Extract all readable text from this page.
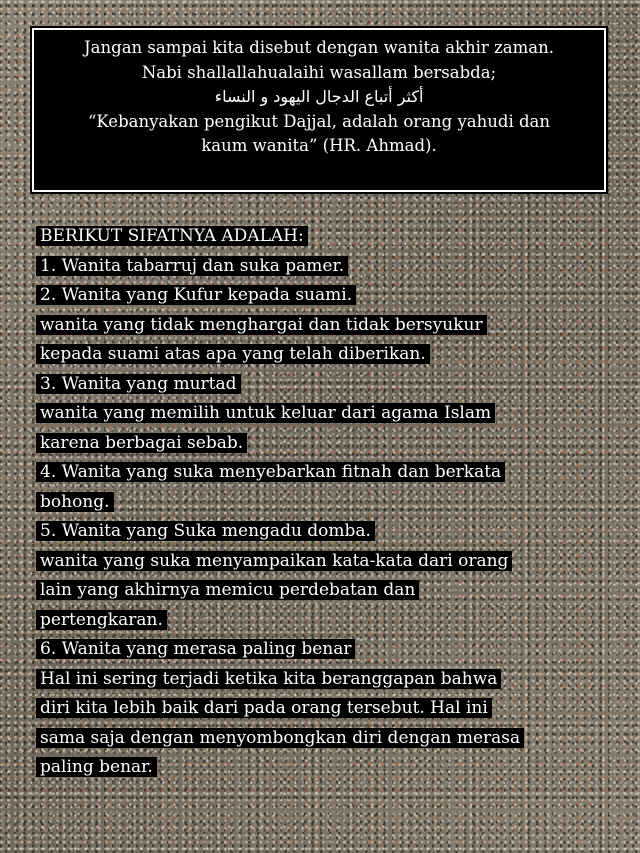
Jangan sampai kita disebut dengan wanita akhir zaman.
Nabi shallallahualaihi wasallam bersabda;
أكثر أتباع الدجال اليهود و النساء
“Kebanyakan pengikut Dajjal, adalah orang yahudi dan
kaum wanita” (HR. Ahmad).
BERIKUT SIFATNYA ADALAH:
1. Wanita tabarruj dan suka pamer.
2. Wanita yang Kufur kepada suami.
wanita yang tidak menghargai dan tidak bersyukur
kepada suami atas apa yang telah diberikan.
3. Wanita yang murtad
wanita yang memilih untuk keluar dari agama Islam
karena berbagai sebab.
4. Wanita yang suka menyebarkan fitnah dan berkata
bohong.
5. Wanita yang Suka mengadu domba.
wanita yang suka menyampaikan kata-kata dari orang
lain yang akhirnya memicu perdebatan dan
pertengkaran.
6. Wanita yang merasa paling benar
Hal ini sering terjadi ketika kita beranggapan bahwa
diri kita lebih baik dari pada orang tersebut. Hal ini
sama saja dengan menyombongkan diri dengan merasa
paling benar.
